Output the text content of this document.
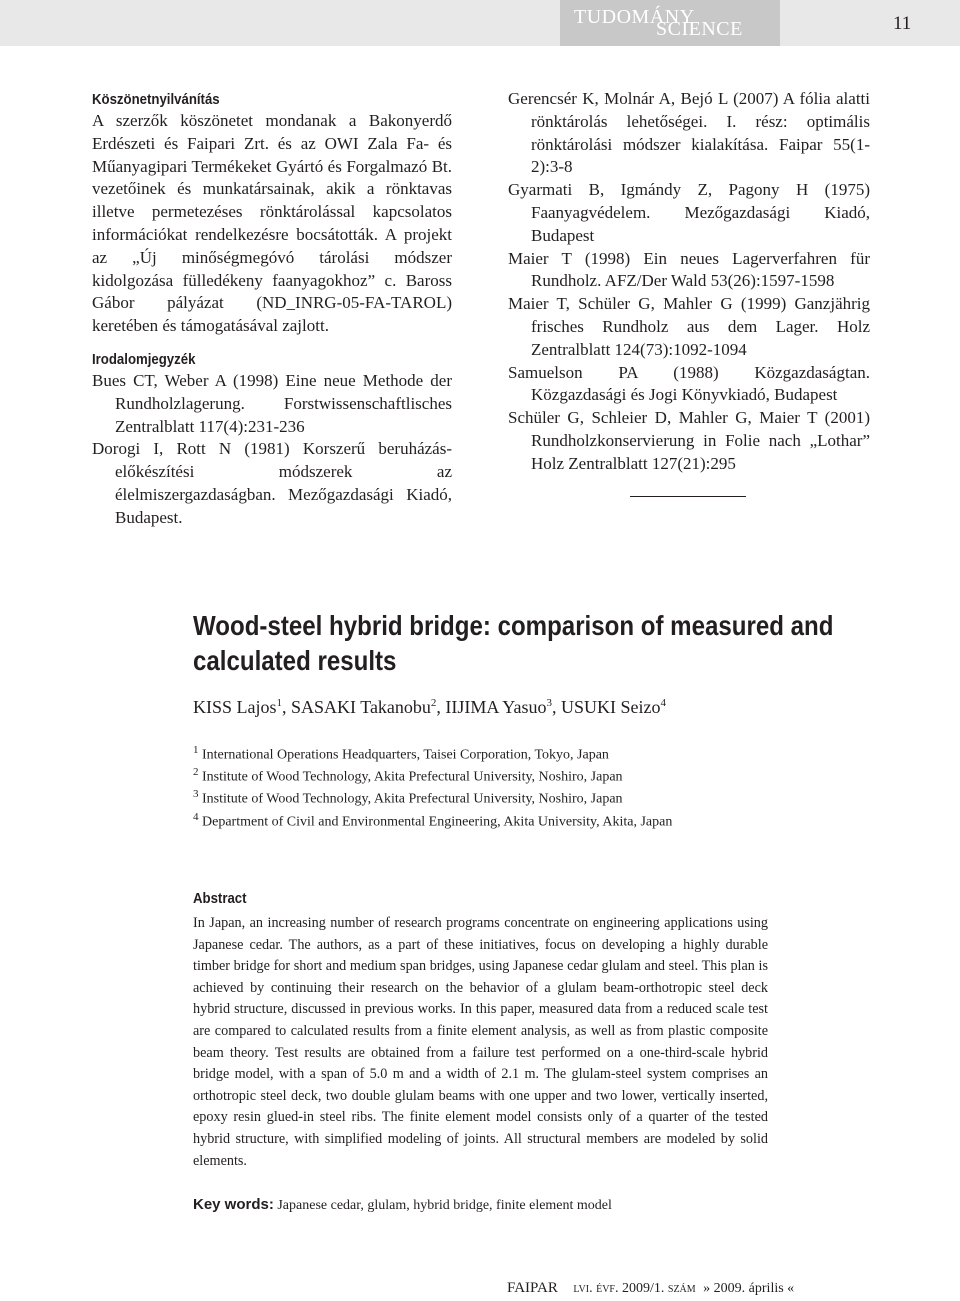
TUDOMÁNY
SCIENCE	11

Köszönetnyilvánítás

A szerzők köszönetet mondanak a Bakonyerdő Erdészeti és Faipari Zrt. és az OWI Zala Fa- és Műanyagipari Termékeket Gyártó és Forgalmazó Bt. vezetőinek és munkatársainak, akik a rönktavas illetve permetezéses rönktárolással kapcsolatos információkat rendelkezésre bocsátották. A projekt az „Új minőségmegóvó tárolási módszer kidolgozása fülledékeny faanyagokhoz” c. Baross Gábor pályázat (ND_INRG-05-FA-TAROL) keretében és támogatásával zajlott.

Irodalomjegyzék

Bues CT, Weber A (1998) Eine neue Methode der Rundholzlagerung. Forstwissenschaftlisches Zentralblatt 117(4):231-236

Dorogi I, Rott N (1981) Korszerű beruházás-előkészítési módszerek az élelmiszergazdaságban. Mezőgazdasági Kiadó, Budapest.

Gerencsér K, Molnár A, Bejó L (2007) A fólia alatti rönktárolás lehetőségei. I. rész: optimális rönktárolási módszer kialakítása. Faipar 55(1-2):3-8

Gyarmati B, Igmándy Z, Pagony H (1975) Faanyagvédelem. Mezőgazdasági Kiadó, Budapest

Maier T (1998) Ein neues Lagerverfahren für Rundholz. AFZ/Der Wald 53(26):1597-1598

Maier T, Schüler G, Mahler G (1999) Ganzjährig frisches Rundholz aus dem Lager. Holz Zentralblatt 124(73):1092-1094

Samuelson PA (1988) Közgazdaságtan. Közgazdasági és Jogi Könyvkiadó, Budapest

Schüler G, Schleier D, Mahler G, Maier T (2001) Rundholzkonservierung in Folie nach „Lothar” Holz Zentralblatt 127(21):295

Wood-steel hybrid bridge: comparison of measured and
calculated results
KISS Lajos$^1$, SASAKI Takanobu$^2$, IIJIMA Yasuo$^3$, USUKI Seizo$^4$
$^1$ International Operations Headquarters, Taisei Corporation, Tokyo, Japan
$^2$ Institute of Wood Technology, Akita Prefectural University, Noshiro, Japan
$^3$ Institute of Wood Technology, Akita Prefectural University, Noshiro, Japan
$^4$ Department of Civil and Environmental Engineering, Akita University, Akita, Japan
Abstract

In Japan, an increasing number of research programs concentrate on engineering applications using Japanese cedar. The authors, as a part of these initiatives, focus on developing a highly durable timber bridge for short and medium span bridges, using Japanese cedar glulam and steel. This plan is achieved by continuing their research on the behavior of a glulam beam-orthotropic steel deck hybrid structure, discussed in previous works. In this paper, measured data from a reduced scale test are compared to calculated results from a finite element analysis, as well as from plastic composite beam theory. Test results are obtained from a failure test performed on a one-third-scale hybrid bridge model, with a span of 5.0 m and a width of 2.1 m. The glulam-steel system comprises an orthotropic steel deck, two double glulam beams with one upper and two lower, vertically inserted, epoxy resin glued-in steel ribs. The finite element model consists only of a quarter of the tested hybrid structure, with simplified modeling of joints. All structural members are modeled by solid elements.

Key words: Japanese cedar, glulam, hybrid bridge, finite element model
FAIPAR lvi. évf. 2009/1. szám » 2009. április «
